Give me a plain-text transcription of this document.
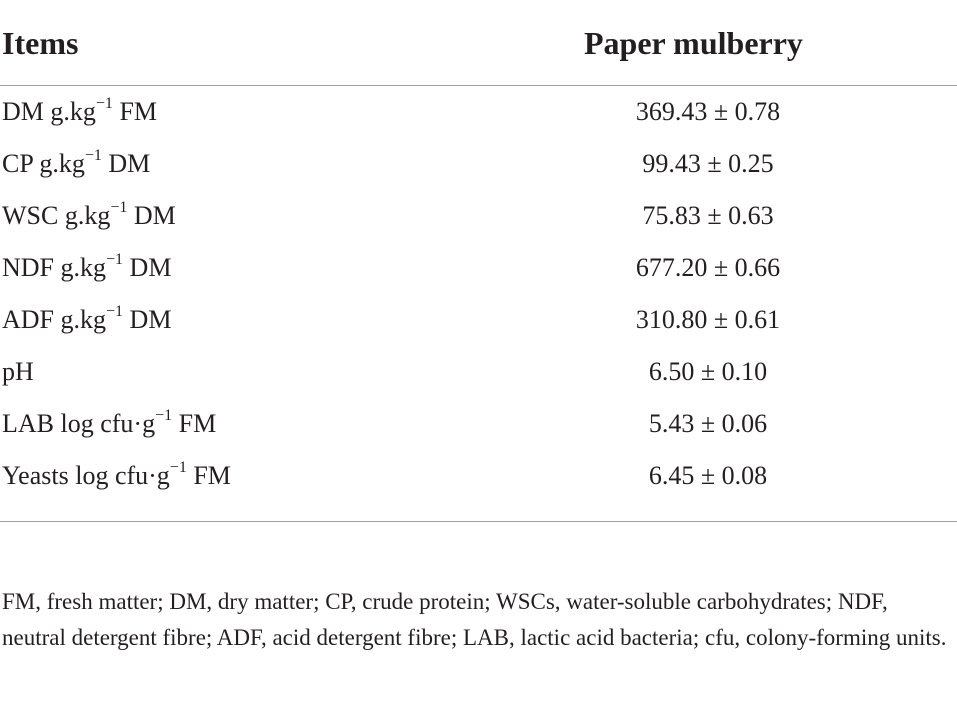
Items	Paper mulberry
DM $g.kg^{-1}$ FM	369.43 ± 0.78
CP $g.kg^{-1}$ DM	99.43 ± 0.25
WSC $g.kg^{-1}$ DM	75.83 ± 0.63
NDF $g.kg^{-1}$ DM	677.20 ± 0.66
ADF $g.kg^{-1}$ DM	310.80 ± 0.61
pH	6.50 ± 0.10
LAB $\log cfu\cdot g^{-1}$ FM	5.43 ± 0.06
Yeasts $\log cfu\cdot g^{-1}$ FM	6.45 ± 0.08
FM, fresh matter; DM, dry matter; CP, crude protein; WSCs, water-soluble carbohydrates; NDF, neutral detergent fibre; ADF, acid detergent fibre; LAB, lactic acid bacteria; cfu, colony-forming units.
